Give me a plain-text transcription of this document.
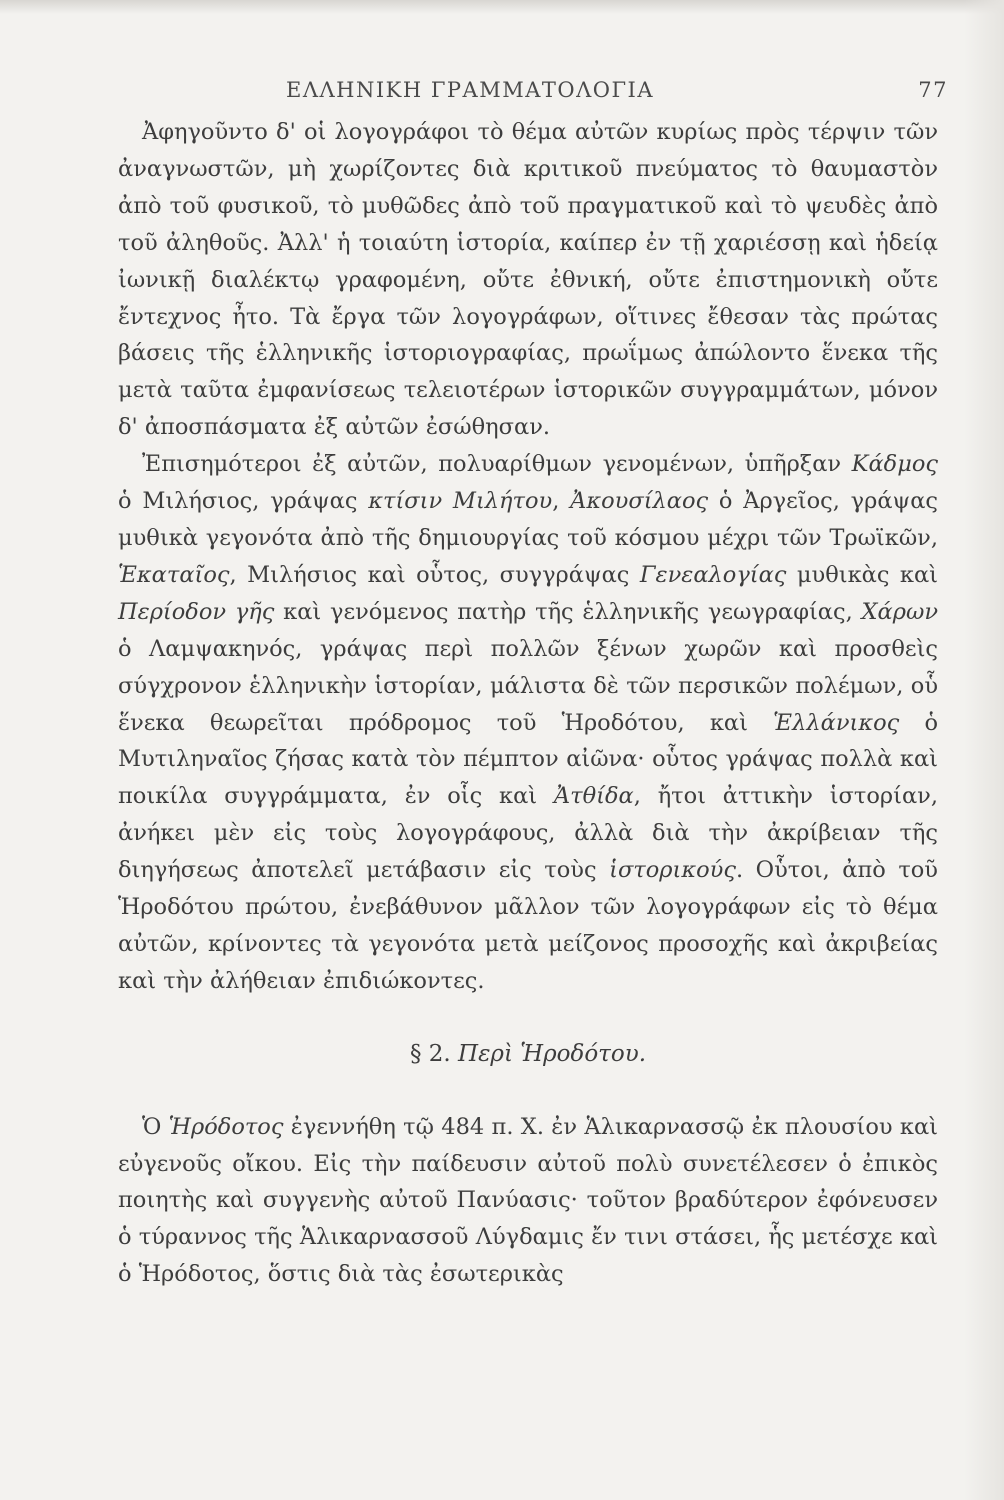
ΕΛΛΗΝΙΚΗ ΓΡΑΜΜΑΤΟΛΟΓΙΑ	77

Ἀφηγοῦντο δ' οἱ λογογράφοι τὸ θέμα αὐτῶν κυρίως πρὸς τέρψιν τῶν ἀναγνωστῶν, μὴ χωρίζοντες διὰ κριτικοῦ πνεύματος τὸ θαυμαστὸν ἀπὸ τοῦ φυσικοῦ, τὸ μυθῶδες ἀπὸ τοῦ πραγματικοῦ καὶ τὸ ψευδὲς ἀπὸ τοῦ ἀληθοῦς. Ἀλλ' ἡ τοιαύτη ἱστορία, καίπερ ἐν τῇ χαριέσσῃ καὶ ἡδείᾳ ἰωνικῇ διαλέκτῳ γραφομένη, οὔτε ἐθνική, οὔτε ἐπιστημονικὴ οὔτε ἔντεχνος ἦτο. Τὰ ἔργα τῶν λογογράφων, οἵτινες ἔθεσαν τὰς πρώτας βάσεις τῆς ἑλληνικῆς ἱστοριογραφίας, πρωΐμως ἀπώλοντο ἕνεκα τῆς μετὰ ταῦτα ἐμφανίσεως τελειοτέρων ἱστορικῶν συγγραμμάτων, μόνον δ' ἀποσπάσματα ἐξ αὐτῶν ἐσώθησαν.

Ἐπισημότεροι ἐξ αὐτῶν, πολυαρίθμων γενομένων, ὑπῆρξαν Κάδμος ὁ Μιλήσιος, γράψας κτίσιν Μιλήτου, Ἀκουσίλαος ὁ Ἀργεῖος, γράψας μυθικὰ γεγονότα ἀπὸ τῆς δημιουργίας τοῦ κόσμου μέχρι τῶν Τρωϊκῶν, Ἑκαταῖος, Μιλήσιος καὶ οὗτος, συγγράψας Γενεαλογίας μυθικὰς καὶ Περίοδον γῆς καὶ γενόμενος πατὴρ τῆς ἑλληνικῆς γεωγραφίας, Χάρων ὁ Λαμψακηνός, γράψας περὶ πολλῶν ξένων χωρῶν καὶ προσθεὶς σύγχρονον ἑλληνικὴν ἱστορίαν, μάλιστα δὲ τῶν περσικῶν πολέμων, οὗ ἕνεκα θεωρεῖται πρόδρομος τοῦ Ἡροδότου, καὶ Ἑλλάνικος ὁ Μυτιληναῖος ζήσας κατὰ τὸν πέμπτον αἰῶνα· οὗτος γράψας πολλὰ καὶ ποικίλα συγγράμματα, ἐν οἷς καὶ Ἀτθίδα, ἤτοι ἀττικὴν ἱστορίαν, ἀνήκει μὲν εἰς τοὺς λογογράφους, ἀλλὰ διὰ τὴν ἀκρίβειαν τῆς διηγήσεως ἀποτελεῖ μετάβασιν εἰς τοὺς ἱστορικούς. Οὗτοι, ἀπὸ τοῦ Ἡροδότου πρώτου, ἐνεβάθυνον μᾶλλον τῶν λογογράφων εἰς τὸ θέμα αὐτῶν, κρίνοντες τὰ γεγονότα μετὰ μείζονος προσοχῆς καὶ ἀκριβείας καὶ τὴν ἀλήθειαν ἐπιδιώκοντες.

§ 2. Περὶ Ἡροδότου.

Ὁ Ἡρόδοτος ἐγεννήθη τῷ 484 π. Χ. ἐν Ἁλικαρνασσῷ ἐκ πλουσίου καὶ εὐγενοῦς οἴκου. Εἰς τὴν παίδευσιν αὐτοῦ πολὺ συνετέλεσεν ὁ ἐπικὸς ποιητὴς καὶ συγγενὴς αὐτοῦ Πανύασις· τοῦτον βραδύτερον ἐφόνευσεν ὁ τύραννος τῆς Ἁλικαρνασσοῦ Λύγδαμις ἔν τινι στάσει, ἧς μετέσχε καὶ ὁ Ἡρόδοτος, ὅστις διὰ τὰς ἐσωτερικὰς
